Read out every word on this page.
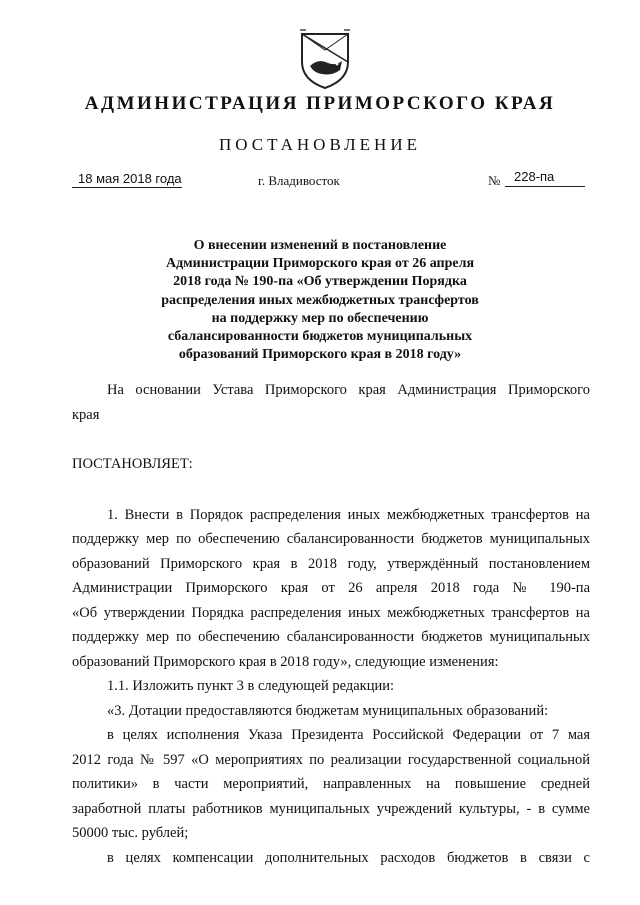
АДМИНИСТРАЦИЯ ПРИМОРСКОГО КРАЯ
ПОСТАНОВЛЕНИЕ
18 мая 2018 года	г. Владивосток	№ 228-па
О внесении изменений в постановление
Администрации Приморского края от 26 апреля
2018 года № 190-па «Об утверждении Порядка
распределения иных межбюджетных трансфертов
на поддержку мер по обеспечению
сбалансированности бюджетов муниципальных
образований Приморского края в 2018 году»
На основании Устава Приморского края Администрация Приморского
края
ПОСТАНОВЛЯЕТ:
1. Внести в Порядок распределения иных межбюджетных трансфертов на
поддержку мер по обеспечению сбалансированности бюджетов муниципальных
образований Приморского края в 2018 году, утверждённый постановлением
Администрации Приморского края от 26 апреля 2018 года № 190-па
«Об утверждении Порядка распределения иных межбюджетных трансфертов на
поддержку мер по обеспечению сбалансированности бюджетов муниципальных
образований Приморского края в 2018 году», следующие изменения:
1.1. Изложить пункт 3 в следующей редакции:
«3. Дотации предоставляются бюджетам муниципальных образований:
в целях исполнения Указа Президента Российской Федерации от 7 мая
2012 года № 597 «О мероприятиях по реализации государственной социальной
политики» в части мероприятий, направленных на повышение средней
заработной платы работников муниципальных учреждений культуры, - в сумме
50000 тыс. рублей;
в целях компенсации дополнительных расходов бюджетов в связи с
